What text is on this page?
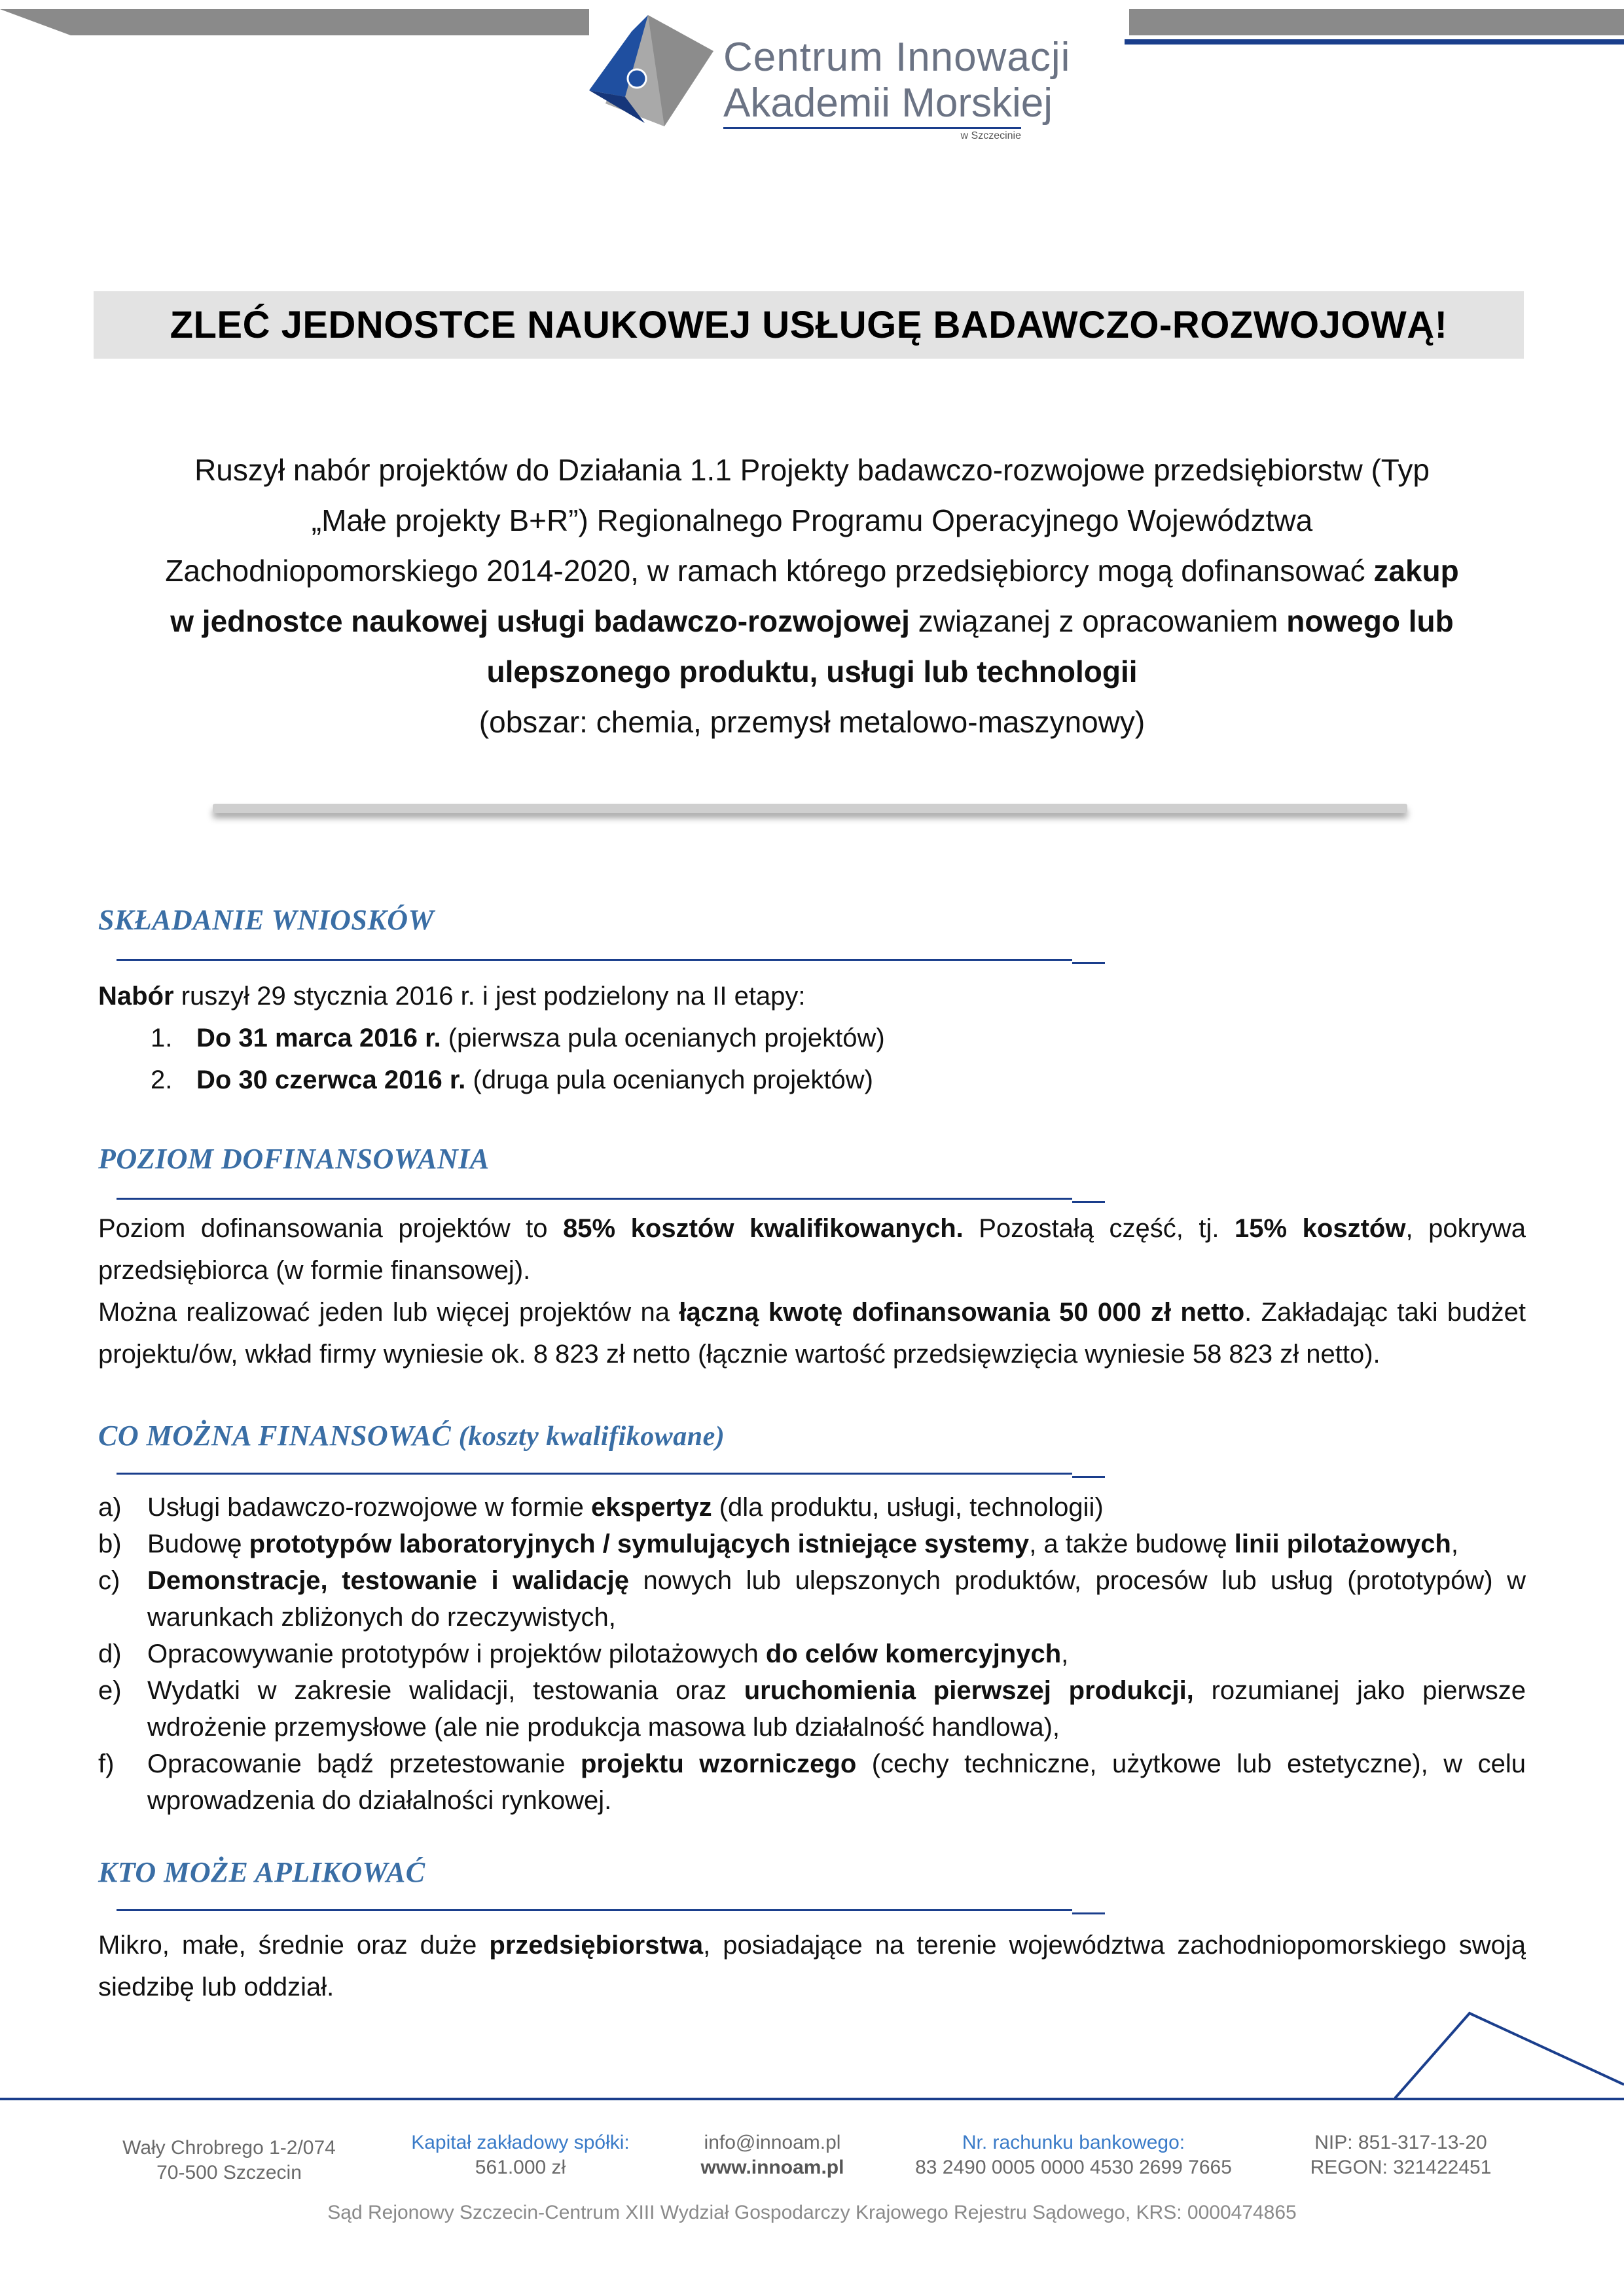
Centrum Innowacji
Akademii Morskiej
w Szczecinie
ZLEĆ JEDNOSTCE NAUKOWEJ USŁUGĘ BADAWCZO-ROZWOJOWĄ!
Ruszył nabór projektów do Działania 1.1 Projekty badawczo-rozwojowe przedsiębiorstw (Typ
„Małe projekty B+R”) Regionalnego Programu Operacyjnego Województwa
Zachodniopomorskiego 2014-2020, w ramach którego przedsiębiorcy mogą dofinansować zakup
w jednostce naukowej usługi badawczo-rozwojowej związanej z opracowaniem nowego lub
ulepszonego produktu, usługi lub technologii
(obszar: chemia, przemysł metalowo-maszynowy)
SKŁADANIE WNIOSKÓW
Nabór ruszył 29 stycznia 2016 r. i jest podzielony na II etapy:
1. Do 31 marca 2016 r. (pierwsza pula ocenianych projektów)
2. Do 30 czerwca 2016 r. (druga pula ocenianych projektów)
POZIOM DOFINANSOWANIA
Poziom dofinansowania projektów to 85% kosztów kwalifikowanych. Pozostałą część, tj. 15% kosztów, pokrywa przedsiębiorca (w formie finansowej).
Można realizować jeden lub więcej projektów na łączną kwotę dofinansowania 50 000 zł netto. Zakładając taki budżet projektu/ów, wkład firmy wyniesie ok. 8 823 zł netto (łącznie wartość przedsięwzięcia wyniesie 58 823 zł netto).
CO MOŻNA FINANSOWAĆ (koszty kwalifikowane)
a) Usługi badawczo-rozwojowe w formie ekspertyz (dla produktu, usługi, technologii)
b) Budowę prototypów laboratoryjnych / symulujących istniejące systemy, a także budowę linii pilotażowych,
c)	Demonstracje, testowanie i walidację nowych lub ulepszonych produktów, procesów lub usług (prototypów) w warunkach zbliżonych do rzeczywistych,
d) Opracowywanie prototypów i projektów pilotażowych do celów komercyjnych,
e) Wydatki w zakresie walidacji, testowania oraz uruchomienia pierwszej produkcji, rozumianej jako pierwsze wdrożenie przemysłowe (ale nie produkcja masowa lub działalność handlowa),
f)	Opracowanie bądź przetestowanie projektu wzorniczego (cechy techniczne, użytkowe lub estetyczne), w celu wprowadzenia do działalności rynkowej.
KTO MOŻE APLIKOWAĆ
Mikro, małe, średnie oraz duże przedsiębiorstwa, posiadające na terenie województwa zachodniopomorskiego swoją siedzibę lub oddział.
Wały Chrobrego 1-2/074
70-500 Szczecin
Kapitał zakładowy spółki:
561.000 zł
info@innoam.pl
www.innoam.pl
Nr. rachunku bankowego:
83 2490 0005 0000 4530 2699 7665
NIP: 851-317-13-20
REGON: 321422451
Sąd Rejonowy Szczecin-Centrum XIII Wydział Gospodarczy Krajowego Rejestru Sądowego, KRS: 0000474865
